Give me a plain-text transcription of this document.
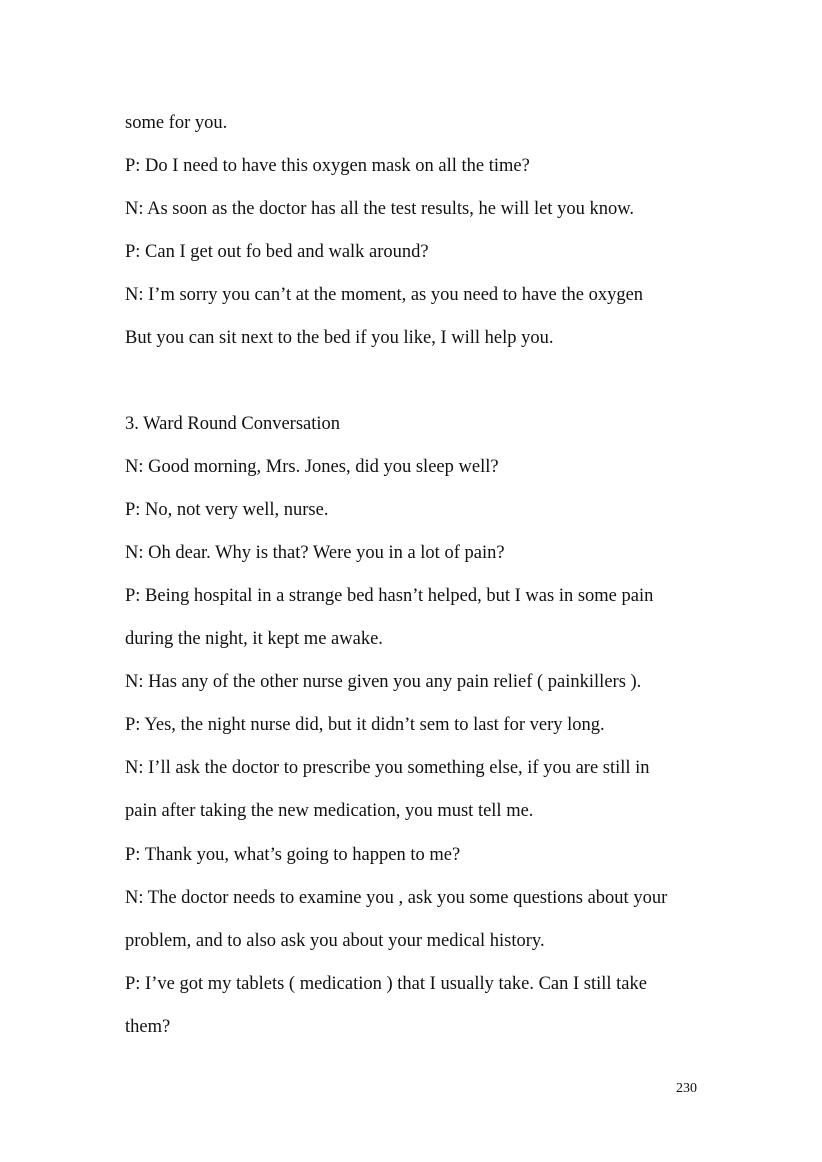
some for you.

P: Do I need to have this oxygen mask on all the time?

N: As soon as the doctor has all the test results, he will let you know.

P: Can I get out fo bed and walk around?

N: I’m sorry you can’t at the moment, as you need to have the oxygen

But you can sit next to the bed if you like, I will help you.

3. Ward Round Conversation

N: Good morning, Mrs. Jones, did you sleep well?

P: No, not very well, nurse.

N: Oh dear. Why is that? Were you in a lot of pain?

P: Being hospital in a strange bed hasn’t helped, but I was in some pain

during the night, it kept me awake.

N: Has any of the other nurse given you any pain relief ( painkillers ).

P: Yes, the night nurse did, but it didn’t sem to last for very long.

N: I’ll ask the doctor to prescribe you something else, if you are still in

pain after taking the new medication, you must tell me.

P: Thank you, what’s going to happen to me?

N: The doctor needs to examine you , ask you some questions about your

problem, and to also ask you about your medical history.

P: I’ve got my tablets ( medication ) that I usually take. Can I still take

them?

230
